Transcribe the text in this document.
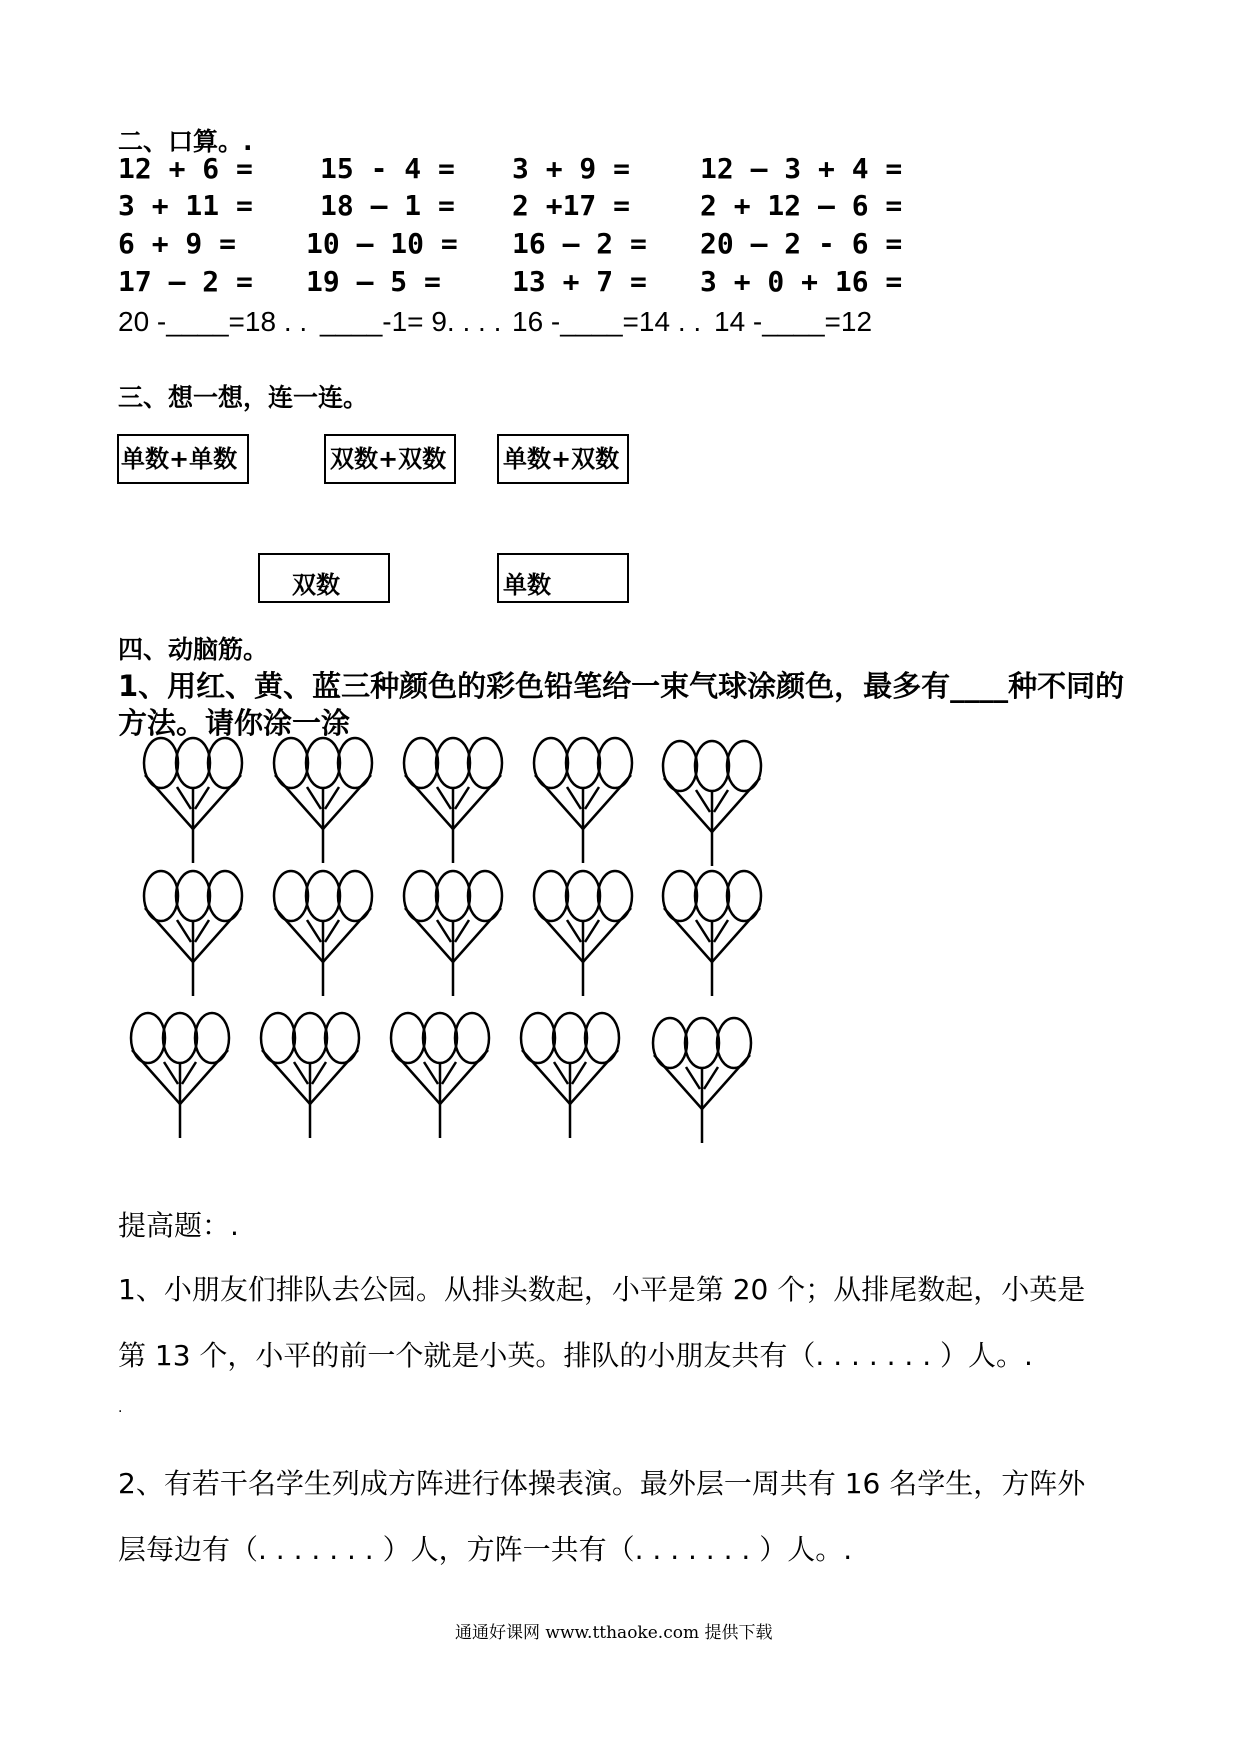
二、口算。.
12 + 6 = 15 - 4 = 3 + 9 = 12 – 3 + 4 =
3 + 11 = 18 – 1 = 2 +17 = 2 + 12 – 6 =
6 + 9 = 10 – 10 = 16 – 2 = 20 – 2 - 6 =
17 – 2 = 19 – 5 =	13 + 7 = 3 + 0 + 16 =
20 -____=18 . . ____-1= 9. . . . 16 -____=14 . . 14 -____=12
三、想一想，连一连。
单数+单数	双数+双数 单数+双数
双数	单数
四、动脑筋。
1、用红、黄、蓝三种颜色的彩色铅笔给一束气球涂颜色，最多有____种不同的
方法。请你涂一涂
提高题：.
1、小朋友们排队去公园。从排头数起，小平是第 20 个；从排尾数起，小英是
第 13 个，小平的前一个就是小英。排队的小朋友共有（. . . . . . . ）人。.
.
2、有若干名学生列成方阵进行体操表演。最外层一周共有 16 名学生，方阵外
层每边有（. . . . . . . ）人，方阵一共有（. . . . . . . ）人。.
通通好课网 www.tthaoke.com 提供下载
